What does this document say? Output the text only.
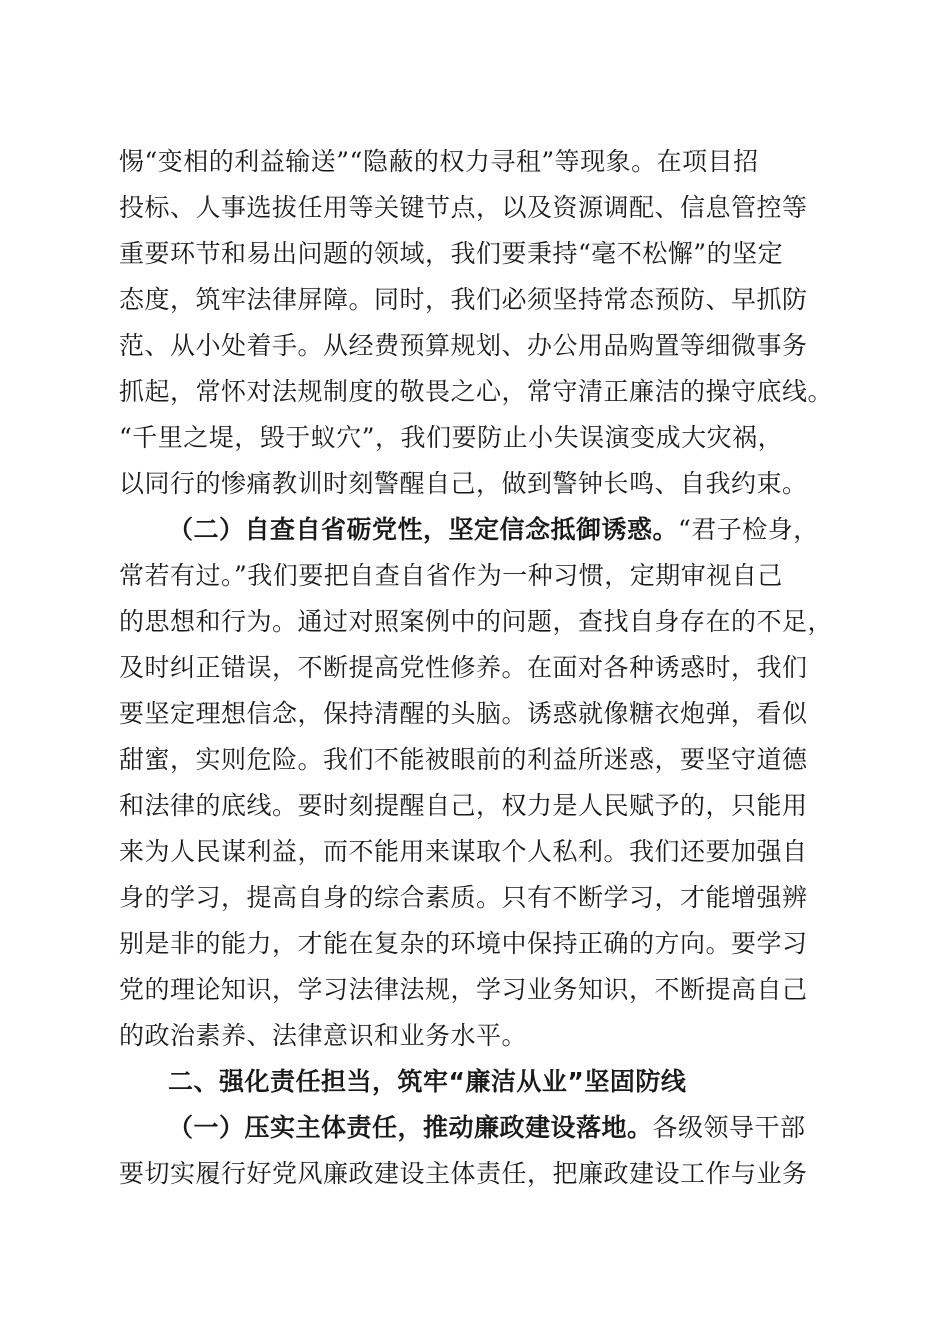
惕“变相的利益输送”“隐蔽的权力寻租”等现象。在项目招
投标、人事选拔任用等关键节点，以及资源调配、信息管控等
重要环节和易出问题的领域，我们要秉持“毫不松懈”的坚定
态度，筑牢法律屏障。同时，我们必须坚持常态预防、早抓防
范、从小处着手。从经费预算规划、办公用品购置等细微事务
抓起，常怀对法规制度的敬畏之心，常守清正廉洁的操守底线。
“千里之堤，毁于蚁穴”，我们要防止小失误演变成大灾祸，
以同行的惨痛教训时刻警醒自己，做到警钟长鸣、自我约束。
（二）自查自省砺党性，坚定信念抵御诱惑。“君子检身，
常若有过。”我们要把自查自省作为一种习惯，定期审视自己
的思想和行为。通过对照案例中的问题，查找自身存在的不足，
及时纠正错误，不断提高党性修养。在面对各种诱惑时，我们
要坚定理想信念，保持清醒的头脑。诱惑就像糖衣炮弹，看似
甜蜜，实则危险。我们不能被眼前的利益所迷惑，要坚守道德
和法律的底线。要时刻提醒自己，权力是人民赋予的，只能用
来为人民谋利益，而不能用来谋取个人私利。我们还要加强自
身的学习，提高自身的综合素质。只有不断学习，才能增强辨
别是非的能力，才能在复杂的环境中保持正确的方向。要学习
党的理论知识，学习法律法规，学习业务知识，不断提高自己
的政治素养、法律意识和业务水平。
二、强化责任担当，筑牢“廉洁从业”坚固防线
（一）压实主体责任，推动廉政建设落地。各级领导干部
要切实履行好党风廉政建设主体责任，把廉政建设工作与业务
